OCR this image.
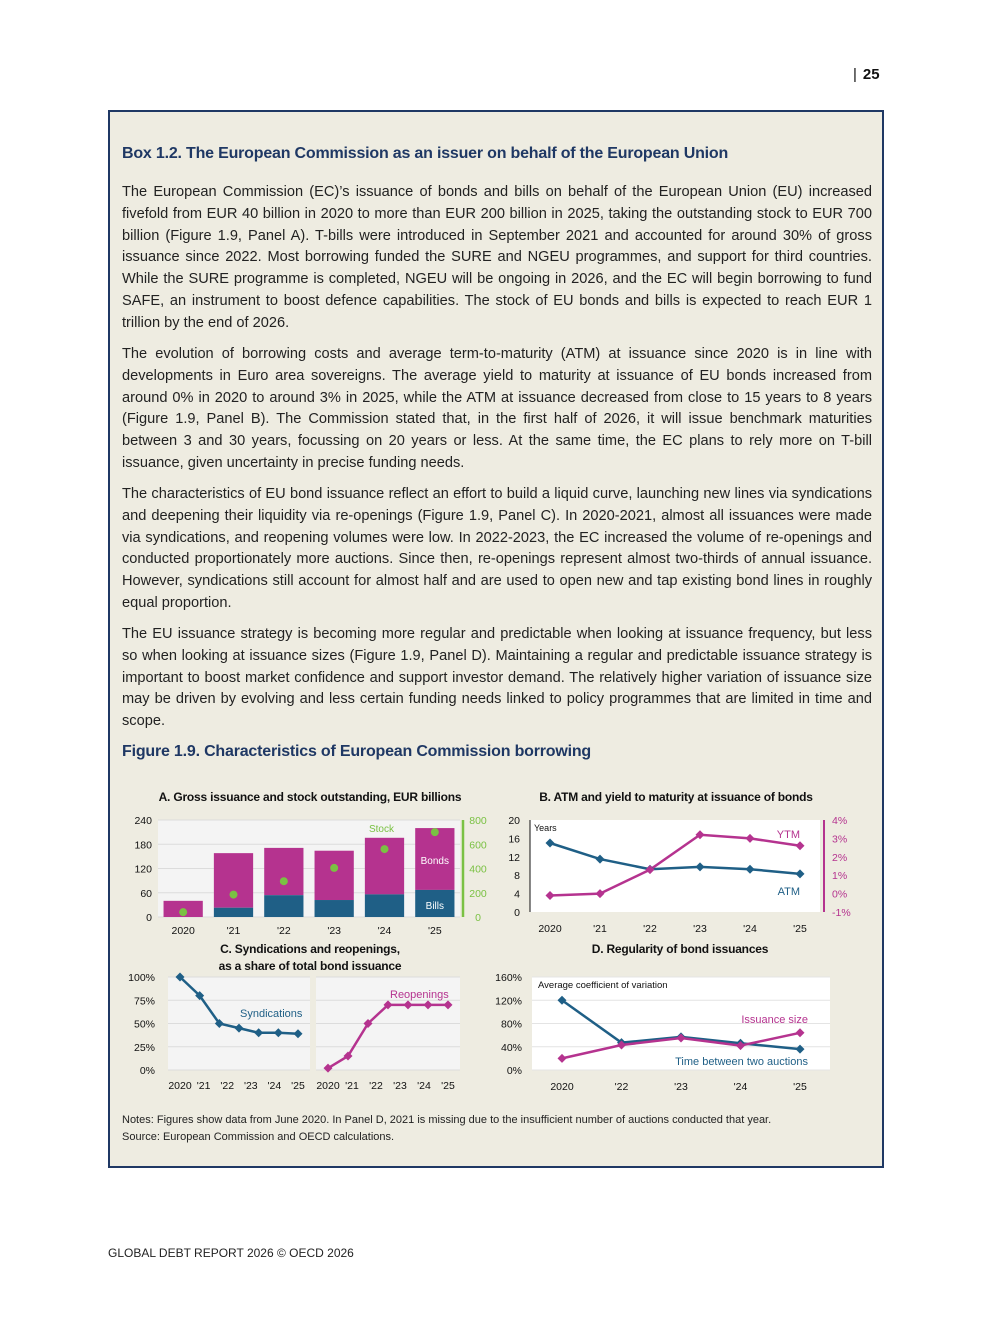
| 25
Box 1.2. The European Commission as an issuer on behalf of the European Union

The European Commission (EC)’s issuance of bonds and bills on behalf of the European Union (EU) increased fivefold from EUR 40 billion in 2020 to more than EUR 200 billion in 2025, taking the outstanding stock to EUR 700 billion (Figure 1.9, Panel A). T-bills were introduced in September 2021 and accounted for around 30% of gross issuance since 2022. Most borrowing funded the SURE and NGEU programmes, and support for third countries. While the SURE programme is completed, NGEU will be ongoing in 2026, and the EC will begin borrowing to fund SAFE, an instrument to boost defence capabilities. The stock of EU bonds and bills is expected to reach EUR 1 trillion by the end of 2026.

The evolution of borrowing costs and average term-to-maturity (ATM) at issuance since 2020 is in line with developments in Euro area sovereigns. The average yield to maturity at issuance of EU bonds increased from around 0% in 2020 to around 3% in 2025, while the ATM at issuance decreased from close to 15 years to 8 years (Figure 1.9, Panel B). The Commission stated that, in the first half of 2026, it will issue benchmark maturities between 3 and 30 years, focussing on 20 years or less. At the same time, the EC plans to rely more on T-bill issuance, given uncertainty in precise funding needs.

The characteristics of EU bond issuance reflect an effort to build a liquid curve, launching new lines via syndications and deepening their liquidity via re-openings (Figure 1.9, Panel C). In 2020-2021, almost all issuances were made via syndications, and reopening volumes were low. In 2022-2023, the EC increased the volume of re-openings and conducted proportionately more auctions. Since then, re-openings represent almost two-thirds of annual issuance. However, syndications still account for almost half and are used to open new and tap existing bond lines in roughly equal proportion.

The EU issuance strategy is becoming more regular and predictable when looking at issuance frequency, but less so when looking at issuance sizes (Figure 1.9, Panel D). Maintaining a regular and predictable issuance strategy is important to boost market confidence and support investor demand. The relatively higher variation of issuance size may be driven by evolving and less certain funding needs linked to policy programmes that are limited in time and scope.

Figure 1.9. Characteristics of European Commission borrowing
A. Gross issuance and stock outstanding, EUR billions
0
60
120
180
240
0
200
400
600
800
2020	'21	'22	'23	'24	'25
Bonds
Bills
Stock
B. ATM and yield to maturity at issuance of bonds
0
4
8
12
16
20
-1%
0%
1%
2%
3%
4%
Years
2020	'21	'22	'23	'24	'25
YTM
ATM
C. Syndications and reopenings,
as a share of total bond issuance
0%
25%
50%
75%
100%
2020 '21 '22 '23 '24 '25 2020 '21 '22 '23 '24 '25
Syndications
Reopenings
D. Regularity of bond issuances
0%
40%
80%
120%
160%
Average coefficient of variation
2020	'22	'23	'24	'25
Time between two auctions
Issuance size
Notes: Figures show data from June 2020. In Panel D, 2021 is missing due to the insufficient number of auctions conducted that year.
Source: European Commission and OECD calculations.
GLOBAL DEBT REPORT 2026 © OECD 2026
